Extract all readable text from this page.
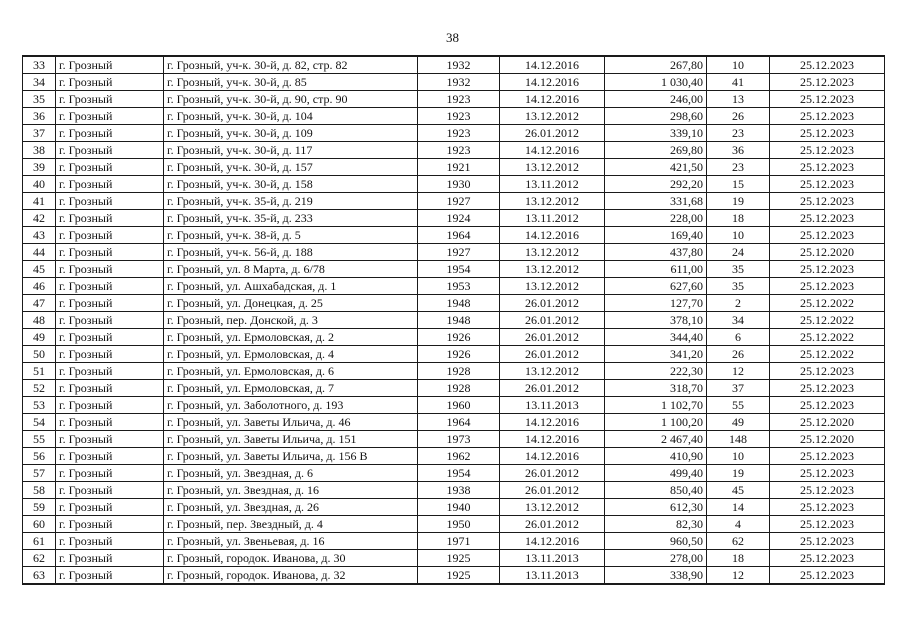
38
33	г. Грозный	г. Грозный, уч-к. 30-й, д. 82, стр. 82	1932	14.12.2016	267,80	10	25.12.2023
34	г. Грозный	г. Грозный, уч-к. 30-й, д. 85	1932	14.12.2016	1 030,40	41	25.12.2023
35	г. Грозный	г. Грозный, уч-к. 30-й, д. 90, стр. 90	1923	14.12.2016	246,00	13	25.12.2023
36	г. Грозный	г. Грозный, уч-к. 30-й, д. 104	1923	13.12.2012	298,60	26	25.12.2023
37	г. Грозный	г. Грозный, уч-к. 30-й, д. 109	1923	26.01.2012	339,10	23	25.12.2023
38	г. Грозный	г. Грозный, уч-к. 30-й, д. 117	1923	14.12.2016	269,80	36	25.12.2023
39	г. Грозный	г. Грозный, уч-к. 30-й, д. 157	1921	13.12.2012	421,50	23	25.12.2023
40	г. Грозный	г. Грозный, уч-к. 30-й, д. 158	1930	13.11.2012	292,20	15	25.12.2023
41	г. Грозный	г. Грозный, уч-к. 35-й, д. 219	1927	13.12.2012	331,68	19	25.12.2023
42	г. Грозный	г. Грозный, уч-к. 35-й, д. 233	1924	13.11.2012	228,00	18	25.12.2023
43	г. Грозный	г. Грозный, уч-к. 38-й, д. 5	1964	14.12.2016	169,40	10	25.12.2023
44	г. Грозный	г. Грозный, уч-к. 56-й, д. 188	1927	13.12.2012	437,80	24	25.12.2020
45	г. Грозный	г. Грозный, ул. 8 Марта, д. 6/78	1954	13.12.2012	611,00	35	25.12.2023
46	г. Грозный	г. Грозный, ул. Ашхабадская, д. 1	1953	13.12.2012	627,60	35	25.12.2023
47	г. Грозный	г. Грозный, ул. Донецкая, д. 25	1948	26.01.2012	127,70	2	25.12.2022
48	г. Грозный	г. Грозный, пер. Донской, д. 3	1948	26.01.2012	378,10	34	25.12.2022
49	г. Грозный	г. Грозный, ул. Ермоловская, д. 2	1926	26.01.2012	344,40	6	25.12.2022
50	г. Грозный	г. Грозный, ул. Ермоловская, д. 4	1926	26.01.2012	341,20	26	25.12.2022
51	г. Грозный	г. Грозный, ул. Ермоловская, д. 6	1928	13.12.2012	222,30	12	25.12.2023
52	г. Грозный	г. Грозный, ул. Ермоловская, д. 7	1928	26.01.2012	318,70	37	25.12.2023
53	г. Грозный	г. Грозный, ул. Заболотного, д. 193	1960	13.11.2013	1 102,70	55	25.12.2023
54	г. Грозный	г. Грозный, ул. Заветы Ильича, д. 46	1964	14.12.2016	1 100,20	49	25.12.2020
55	г. Грозный	г. Грозный, ул. Заветы Ильича, д. 151	1973	14.12.2016	2 467,40	148	25.12.2020
56	г. Грозный	г. Грозный, ул. Заветы Ильича, д. 156 В	1962	14.12.2016	410,90	10	25.12.2023
57	г. Грозный	г. Грозный, ул. Звездная, д. 6	1954	26.01.2012	499,40	19	25.12.2023
58	г. Грозный	г. Грозный, ул. Звездная, д. 16	1938	26.01.2012	850,40	45	25.12.2023
59	г. Грозный	г. Грозный, ул. Звездная, д. 26	1940	13.12.2012	612,30	14	25.12.2023
60	г. Грозный	г. Грозный, пер. Звездный, д. 4	1950	26.01.2012	82,30	4	25.12.2023
61	г. Грозный	г. Грозный, ул. Звеньевая, д. 16	1971	14.12.2016	960,50	62	25.12.2023
62	г. Грозный	г. Грозный, городок. Иванова, д. 30	1925	13.11.2013	278,00	18	25.12.2023
63	г. Грозный	г. Грозный, городок. Иванова, д. 32	1925	13.11.2013	338,90	12	25.12.2023
